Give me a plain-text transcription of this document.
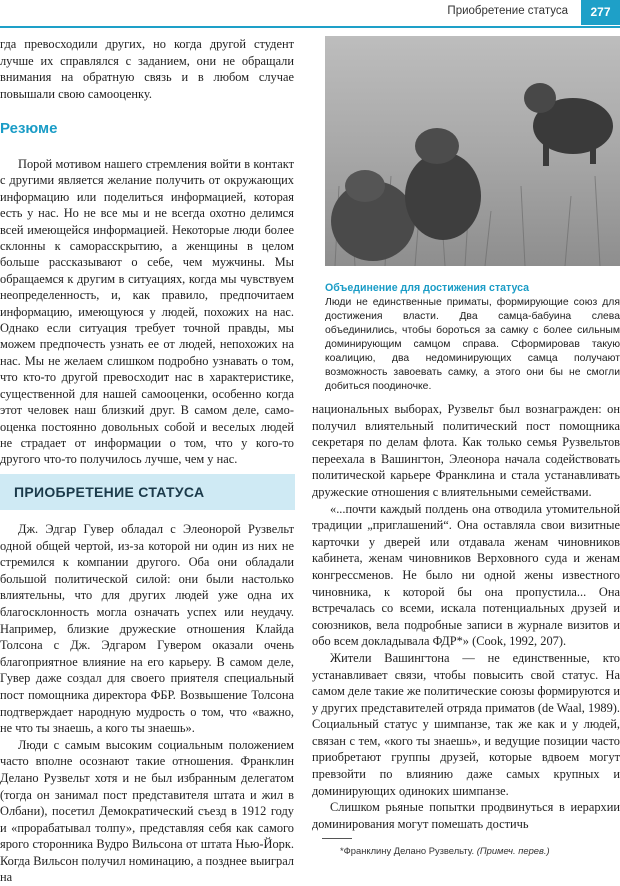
Приобретение статуса	277

гда превосходили других, но когда другой студент лучше их справлялся с заданием, они не обращали внимания на обратную связь и в любом случае повышали свою самооценку.

Резюме

Порой мотивом нашего стремления войти в контакт с другими является желание получить от окружающих информацию или поделиться информацией, которая есть у нас. Но не все мы и не всегда охотно делимся всей имеющейся информацией. Некоторые люди более склонны к саморасскрытию, а женщины в целом больше рассказывают о себе, чем мужчины. Мы обращаемся к другим в ситуациях, когда мы чувствуем неопределенность, и, как правило, предпочитаем информацию, имеющуюся у людей, похожих на нас. Однако если ситуация требует точной правды, мы можем предпочесть узнать ее от людей, непохожих на нас. Мы не желаем слишком подробно узнавать о том, что кто-то другой превосходит нас в характеристике, существенной для нашей самооценки, особенно когда этот человек наш близкий друг. В самом деле, самооценка постоянно довольных собой и веселых людей не страдает от информации о том, что у кого-то другого что-то получилось лучше, чем у нас.

ПРИОБРЕТЕНИЕ СТАТУСА

Дж. Эдгар Гувер обладал с Элеонорой Рузвельт одной общей чертой, из-за которой ни один из них не стремился к компании другого. Оба они обладали большой политической силой: они были настолько влиятельны, что для других людей уже одна их благосклонность могла означать успех или неудачу. Например, близкие дружеские отношения Клайда Толсона с Дж. Эдгаром Гувером оказали очень благоприятное влияние на его карьеру. В самом деле, Гувер даже создал для своего приятеля специальный пост помощника директора ФБР. Возвышение Толсона подтверждает народную мудрость о том, что «важно, не что ты знаешь, а кого ты знаешь».

Люди с самым высоким социальным положением часто вполне осознают такие отношения. Франклин Делано Рузвельт хотя и не был избранным делегатом (тогда он занимал пост представителя штата и жил в Олбани), посетил Демократический съезд в 1912 году и «прорабатывал толпу», представляя себя как самого ярого сторонника Вудро Вильсона от штата Нью-Йорк. Когда Вильсон получил номинацию, а позднее выиграл на

Объединение для достижения статуса
Люди не единственные приматы, формирующие союз для достижения власти. Два самца-бабуина слева объединились, чтобы бороться за самку с более сильным доминирующим самцом справа. Сформировав такую коалицию, два недоминирующих самца получают возможность завоевать самку, а этого они бы не смогли добиться поодиночке.

национальных выборах, Рузвельт был вознагражден: он получил влиятельный политический пост помощника секретаря по делам флота. Как только семья Рузвельтов переехала в Вашингтон, Элеонора начала содействовать политической карьере Франклина и стала устанавливать дружеские отношения с влиятельными семействами.

«...почти каждый полдень она отводила утомительной традиции „приглашений“. Она оставляла свои визитные карточки у дверей или отдавала женам чиновников кабинета, женам чиновников Верховного суда и женам конгрессменов. Не было ни одной жены известного чиновника, к которой бы она пропустила... Она встречалась со всеми, искала потенциальных друзей и союзников, вела подробные записи в журнале визитов и обо всем докладывала ФДР*» (Cook, 1992, 207).

Жители Вашингтона — не единственные, кто устанавливает связи, чтобы повысить свой статус. На самом деле такие же политические союзы формируются и у других представителей отряда приматов (de Waal, 1989). Социальный статус у шимпанзе, так же как и у людей, связан с тем, «кого ты знаешь», и ведущие позиции часто приобретают группы друзей, которые вдвоем могут превзойти по влиянию даже самых крупных и доминирующих одиноких шимпанзе.

Слишком рьяные попытки продвинуться в иерархии доминирования могут помешать достичь

*Франклину Делано Рузвельту. (Примеч. перев.)
